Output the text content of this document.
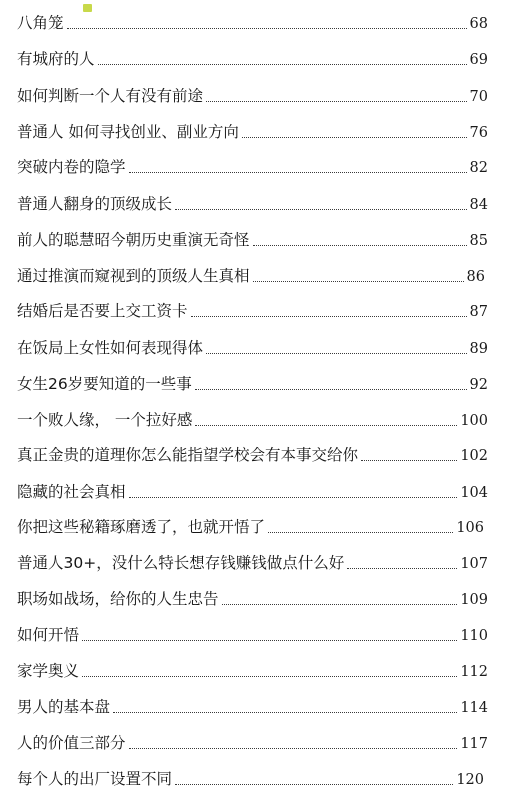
八角笼	68
有城府的人	69
如何判断一个人有没有前途	70
普通人 如何寻找创业、副业方向	76
突破内卷的隐学	82
普通人翻身的顶级成长	84
前人的聪慧昭今朝历史重演无奇怪	85
通过推演而窥视到的顶级人生真相	86
结婚后是否要上交工资卡	87
在饭局上女性如何表现得体	89
女生26岁要知道的一些事	92
一个败人缘， 一个拉好感	100
真正金贵的道理你怎么能指望学校会有本事交给你	102
隐藏的社会真相	104
你把这些秘籍琢磨透了，也就开悟了	106
普通人30+，没什么特长想存钱赚钱做点什么好	107
职场如战场，给你的人生忠告	109
如何开悟	110
家学奥义	112
男人的基本盘	114
人的价值三部分	117
每个人的出厂设置不同	120
